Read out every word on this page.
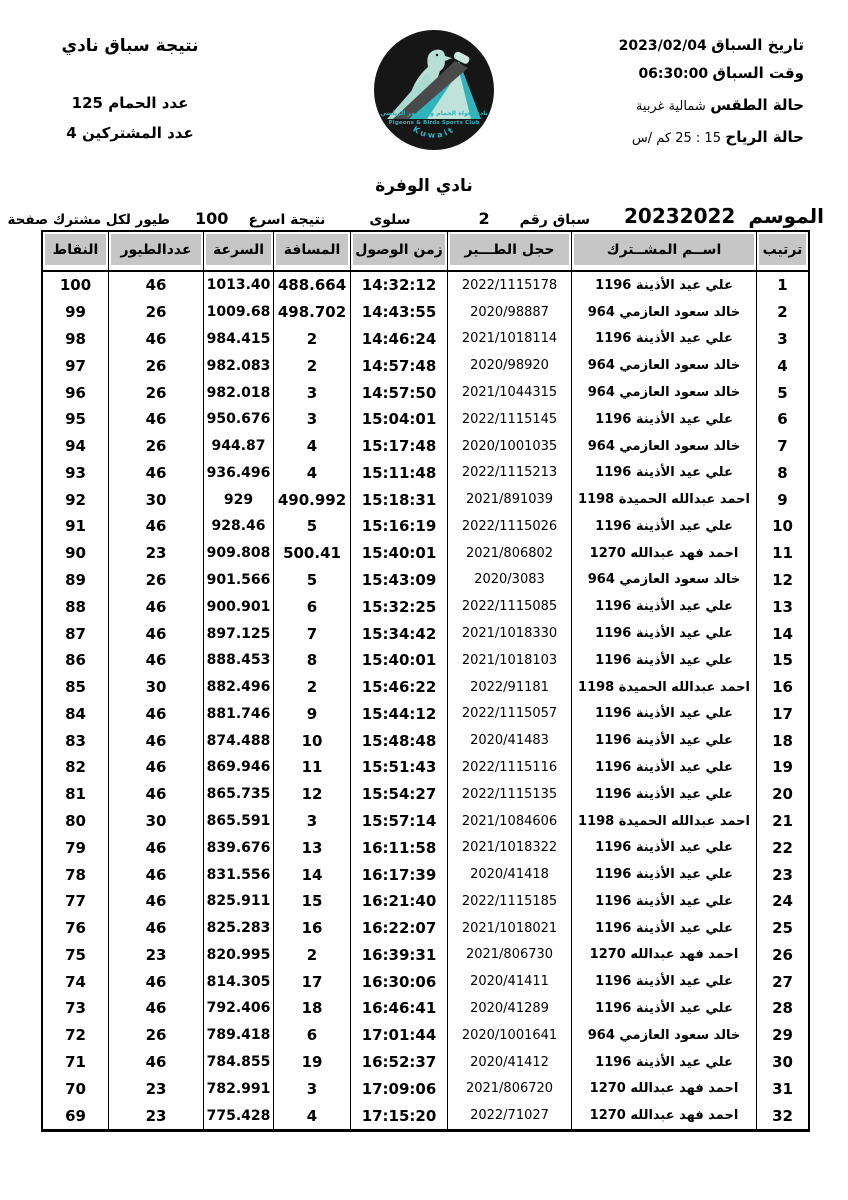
نتيجة سباق نادي
عدد الحمام 125
عدد المشتركين 4
نادي هواة الحمام و الطيور الرياضي
Pigeons & Birds Sports Club
Kuwait
تاريخ السباق 2023/02/04
وقت السباق 06:30:00
حالة الطقس شمالية غربية
حالة الرياح 15 : 25 كم /س
نادي الوفرة
الموسم
20232022
سباق رقم
2
سلوى
نتيجة اسرع
100
طيور لكل مشترك صفحة
ترتيب
اســم المشــترك
حجل الطـــير
زمن الوصول
المسافة
السرعة
عددالطيور
النقاط
1
علي عيد الأذينة 1196
2022/1115178
14:32:12
488.664
1013.40
46
100
2
خالد سعود العازمي 964
2020/98887
14:43:55
498.702
1009.68
26
99
3
علي عيد الأذينة 1196
2021/1018114
14:46:24
2
984.415
46
98
4
خالد سعود العازمي 964
2020/98920
14:57:48
2
982.083
26
97
5
خالد سعود العازمي 964
2021/1044315
14:57:50
3
982.018
26
96
6
علي عيد الأذينة 1196
2022/1115145
15:04:01
3
950.676
46
95
7
خالد سعود العازمي 964
2020/1001035
15:17:48
4
944.87
26
94
8
علي عيد الأذينة 1196
2022/1115213
15:11:48
4
936.496
46
93
9
احمد عبدالله الحميدة 1198
2021/891039
15:18:31
490.992
929
30
92
10
علي عيد الأذينة 1196
2022/1115026
15:16:19
5
928.46
46
91
11
احمد فهد عبدالله 1270
2021/806802
15:40:01
500.41
909.808
23
90
12
خالد سعود العازمي 964
2020/3083
15:43:09
5
901.566
26
89
13
علي عيد الأذينة 1196
2022/1115085
15:32:25
6
900.901
46
88
14
علي عيد الأذينة 1196
2021/1018330
15:34:42
7
897.125
46
87
15
علي عيد الأذينة 1196
2021/1018103
15:40:01
8
888.453
46
86
16
احمد عبدالله الحميدة 1198
2022/91181
15:46:22
2
882.496
30
85
17
علي عيد الأذينة 1196
2022/1115057
15:44:12
9
881.746
46
84
18
علي عيد الأذينة 1196
2020/41483
15:48:48
10
874.488
46
83
19
علي عيد الأذينة 1196
2022/1115116
15:51:43
11
869.946
46
82
20
علي عيد الأذينة 1196
2022/1115135
15:54:27
12
865.735
46
81
21
احمد عبدالله الحميدة 1198
2021/1084606
15:57:14
3
865.591
30
80
22
علي عيد الأذينة 1196
2021/1018322
16:11:58
13
839.676
46
79
23
علي عيد الأذينة 1196
2020/41418
16:17:39
14
831.556
46
78
24
علي عيد الأذينة 1196
2022/1115185
16:21:40
15
825.911
46
77
25
علي عيد الأذينة 1196
2021/1018021
16:22:07
16
825.283
46
76
26
احمد فهد عبدالله 1270
2021/806730
16:39:31
2
820.995
23
75
27
علي عيد الأذينة 1196
2020/41411
16:30:06
17
814.305
46
74
28
علي عيد الأذينة 1196
2020/41289
16:46:41
18
792.406
46
73
29
خالد سعود العازمي 964
2020/1001641
17:01:44
6
789.418
26
72
30
علي عيد الأذينة 1196
2020/41412
16:52:37
19
784.855
46
71
31
احمد فهد عبدالله 1270
2021/806720
17:09:06
3
782.991
23
70
32
احمد فهد عبدالله 1270
2022/71027
17:15:20
4
775.428
23
69
